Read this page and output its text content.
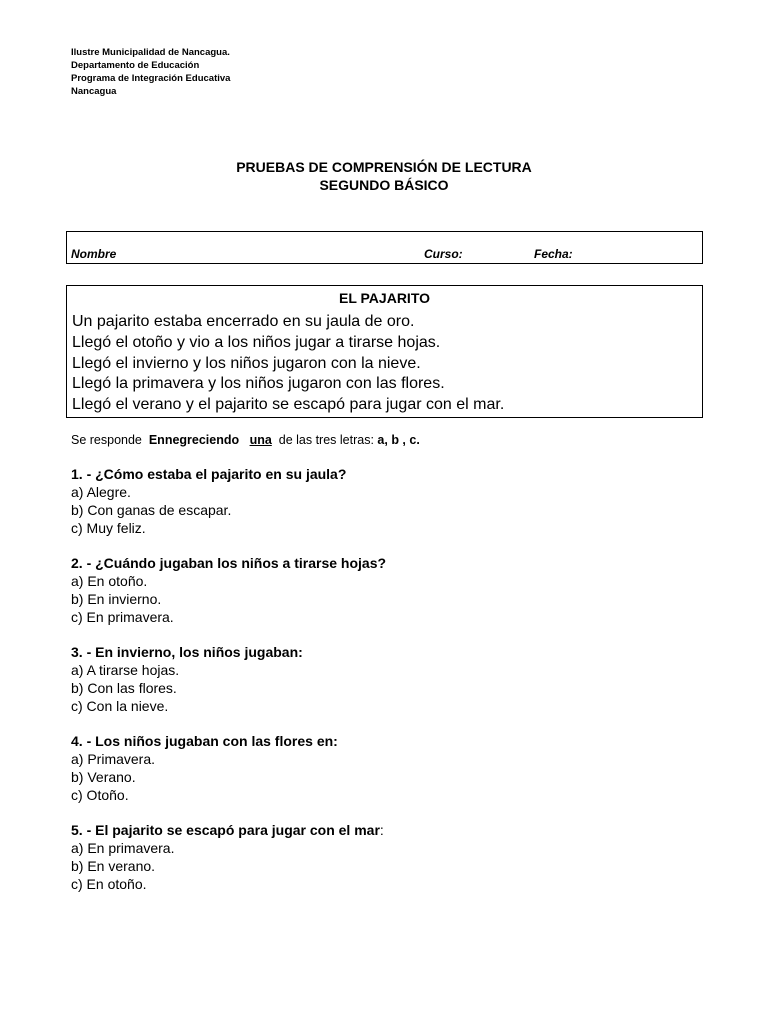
Ilustre Municipalidad de Nancagua.
Departamento de Educación
Programa de Integración Educativa
Nancagua
PRUEBAS DE COMPRENSIÓN DE LECTURA
SEGUNDO BÁSICO
Nombre	Curso:	Fecha:
EL PAJARITO
Un pajarito estaba encerrado en su jaula de oro.
Llegó el otoño y vio a los niños jugar a tirarse hojas.
Llegó el invierno y los niños jugaron con la nieve.
Llegó la primavera y los niños jugaron con las flores.
Llegó el verano y el pajarito se escapó para jugar con el mar.
Se responde Ennegreciendo una de las tres letras: a, b , c.
1. - ¿Cómo estaba el pajarito en su jaula?
a) Alegre.
b) Con ganas de escapar.
c) Muy feliz.
2. - ¿Cuándo jugaban los niños a tirarse hojas?
a) En otoño.
b) En invierno.
c) En primavera.
3. - En invierno, los niños jugaban:
a) A tirarse hojas.
b) Con las flores.
c) Con la nieve.
4. - Los niños jugaban con las flores en:
a) Primavera.
b) Verano.
c) Otoño.
5. - El pajarito se escapó para jugar con el mar:
a) En primavera.
b) En verano.
c) En otoño.
